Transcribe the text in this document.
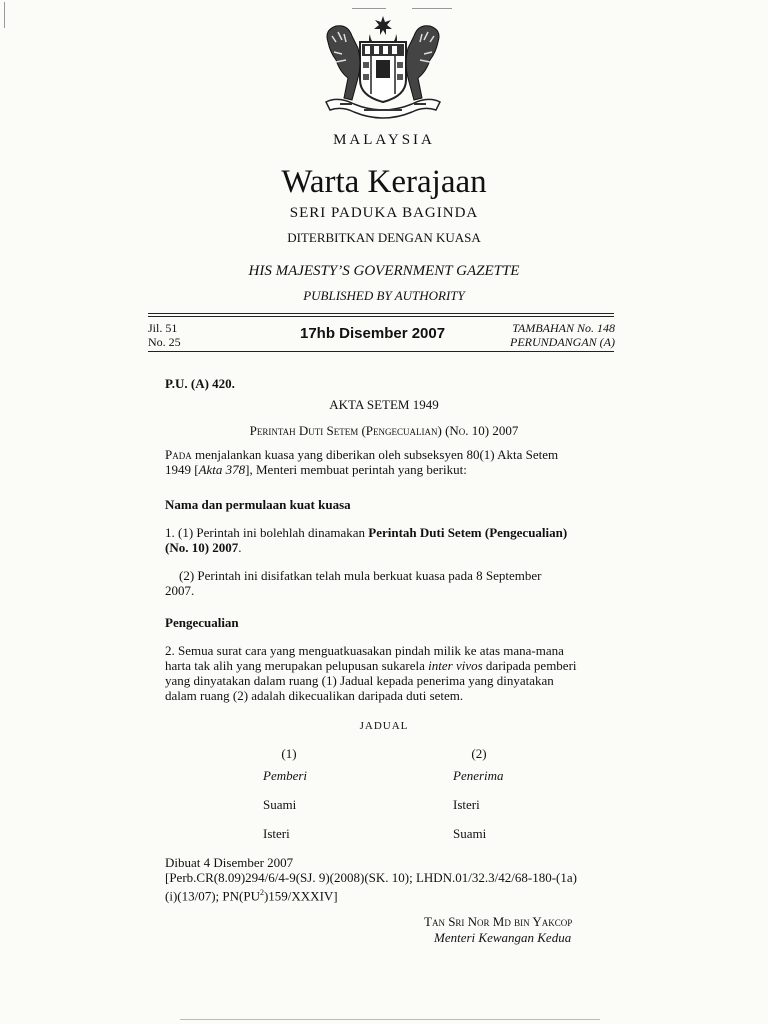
MALAYSIA
Warta Kerajaan
SERI PADUKA BAGINDA
DITERBITKAN DENGAN KUASA
HIS MAJESTY’S GOVERNMENT GAZETTE
PUBLISHED BY AUTHORITY
Jil. 51
No. 25	17hb Disember 2007	TAMBAHAN No. 148
PERUNDANGAN (A)
P.U. (A) 420.
AKTA SETEM 1949
Perintah Duti Setem (Pengecualian) (No. 10) 2007
Pada menjalankan kuasa yang diberikan oleh subseksyen 80(1) Akta Setem
1949 [Akta 378], Menteri membuat perintah yang berikut:
Nama dan permulaan kuat kuasa
1. (1) Perintah ini bolehlah dinamakan Perintah Duti Setem (Pengecualian)
(No. 10) 2007.
(2) Perintah ini disifatkan telah mula berkuat kuasa pada 8 September
2007.
Pengecualian
2. Semua surat cara yang menguatkuasakan pindah milik ke atas mana-mana
harta tak alih yang merupakan pelupusan sukarela inter vivos daripada pemberi
yang dinyatakan dalam ruang (1) Jadual kepada penerima yang dinyatakan
dalam ruang (2) adalah dikecualikan daripada duti setem.
JADUAL
(1)
Pemberi
Suami
Isteri
(2)
Penerima
Isteri
Suami
Dibuat 4 Disember 2007
[Perb.CR(8.09)294/6/4-9(SJ. 9)(2008)(SK. 10); LHDN.01/32.3/42/68-180-(1a)
(i)(13/07); $PN(PU^2)159/XXXIV$]
Tan Sri Nor Md bin Yakcop
Menteri Kewangan Kedua
